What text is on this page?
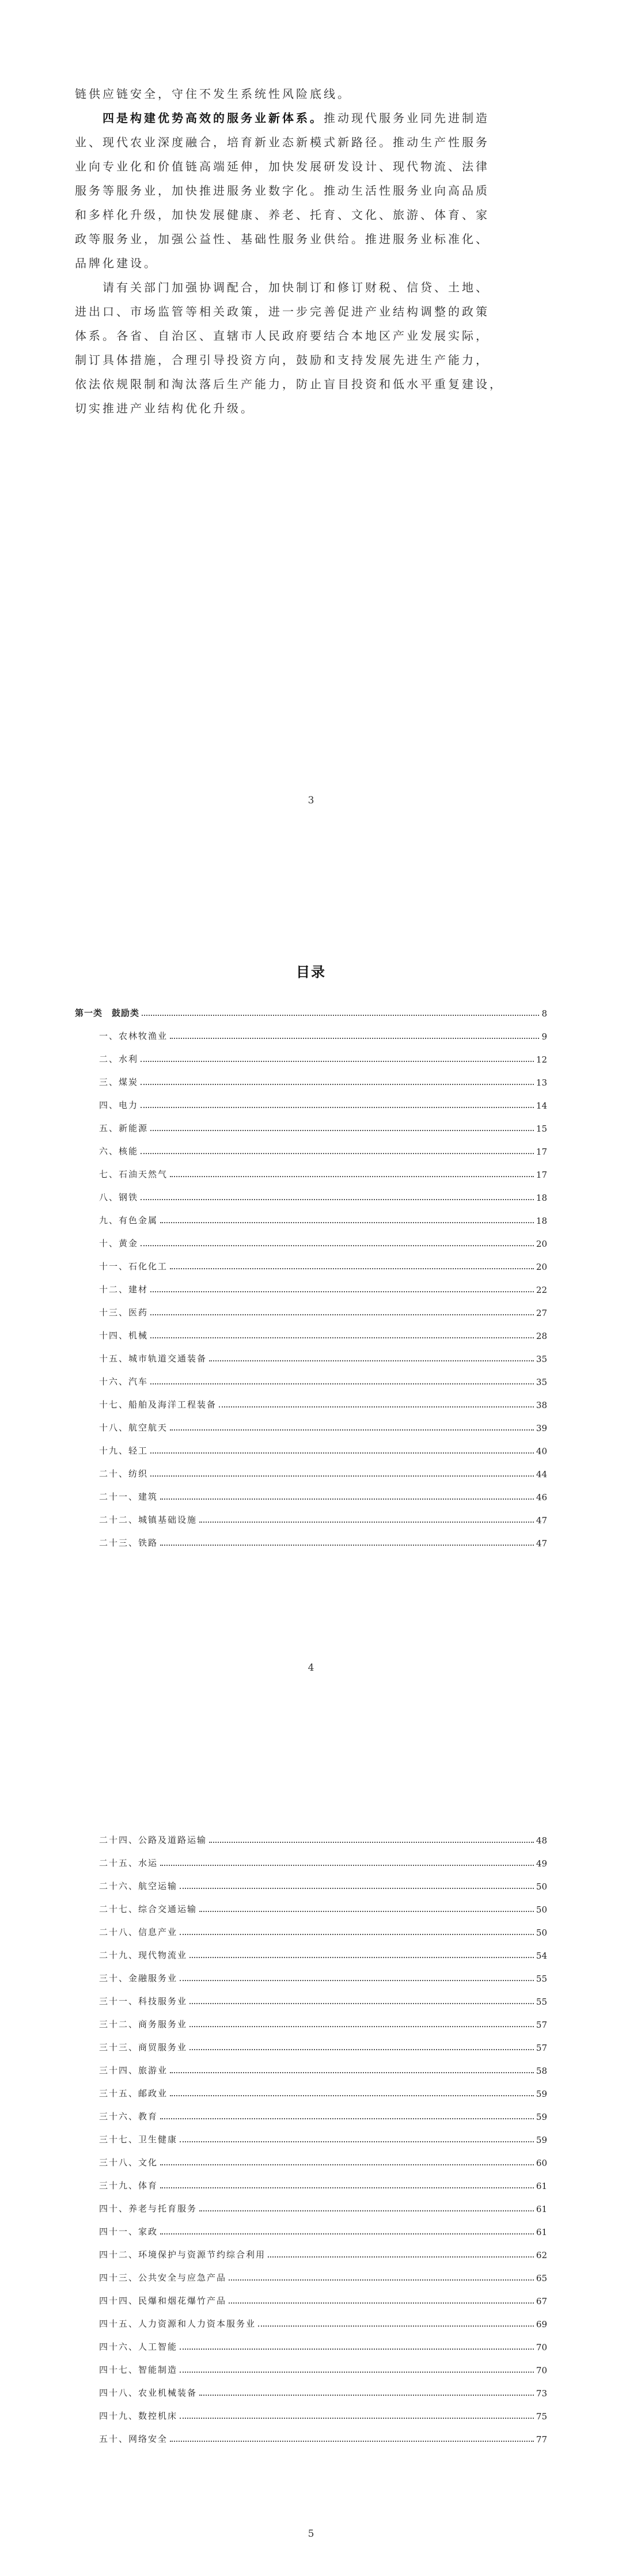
链供应链安全，守住不发生系统性风险底线。
四是构建优势高效的服务业新体系。推动现代服务业同先进制造
业、现代农业深度融合，培育新业态新模式新路径。推动生产性服务
业向专业化和价值链高端延伸，加快发展研发设计、现代物流、法律
服务等服务业，加快推进服务业数字化。推动生活性服务业向高品质
和多样化升级，加快发展健康、养老、托育、文化、旅游、体育、家
政等服务业，加强公益性、基础性服务业供给。推进服务业标准化、
品牌化建设。
请有关部门加强协调配合，加快制订和修订财税、信贷、土地、
进出口、市场监管等相关政策，进一步完善促进产业结构调整的政策
体系。各省、自治区、直辖市人民政府要结合本地区产业发展实际，
制订具体措施，合理引导投资方向，鼓励和支持发展先进生产能力，
依法依规限制和淘汰落后生产能力，防止盲目投资和低水平重复建设，
切实推进产业结构优化升级。
3
目录
第一类　鼓励类	8
一、农林牧渔业	9
二、水利	12
三、煤炭	13
四、电力	14
五、新能源	15
六、核能	17
七、石油天然气	17
八、钢铁	18
九、有色金属	18
十、黄金	20
十一、石化化工	20
十二、建材	22
十三、医药	27
十四、机械	28
十五、城市轨道交通装备	35
十六、汽车	35
十七、船舶及海洋工程装备	38
十八、航空航天	39
十九、轻工	40
二十、纺织	44
二十一、建筑	46
二十二、城镇基础设施	47
二十三、铁路	47
4
二十四、公路及道路运输	48
二十五、水运	49
二十六、航空运输	50
二十七、综合交通运输	50
二十八、信息产业	50
二十九、现代物流业	54
三十、金融服务业	55
三十一、科技服务业	55
三十二、商务服务业	57
三十三、商贸服务业	57
三十四、旅游业	58
三十五、邮政业	59
三十六、教育	59
三十七、卫生健康	59
三十八、文化	60
三十九、体育	61
四十、养老与托育服务	61
四十一、家政	61
四十二、环境保护与资源节约综合利用	62
四十三、公共安全与应急产品	65
四十四、民爆和烟花爆竹产品	67
四十五、人力资源和人力资本服务业	69
四十六、人工智能	70
四十七、智能制造	70
四十八、农业机械装备	73
四十九、数控机床	75
五十、网络安全	77
5
